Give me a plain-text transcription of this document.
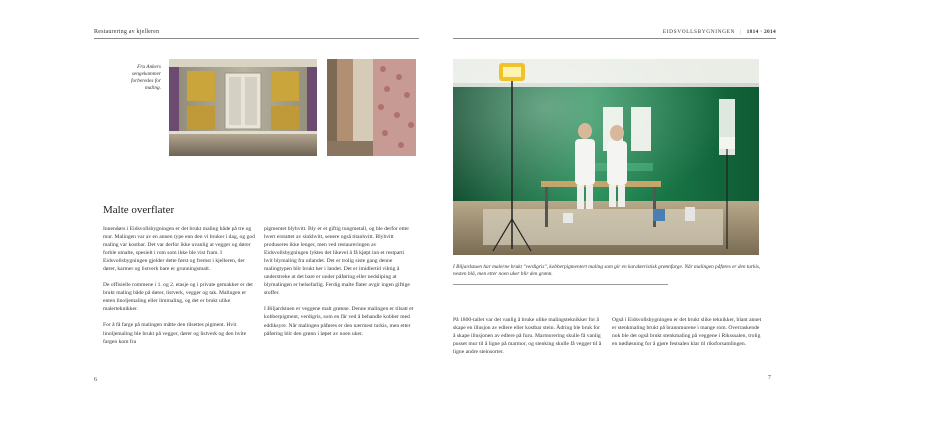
Restaurering av kjelleren
Fru Ankers sengekammer forberedes for maling.
Malte overflater

Innendørs i Eidsvollsbygningen er det brukt maling både på tre og mur. Malingen var av en annen type enn den vi bruker i dag, og god maling var kostbar. Det var derfor ikke uvanlig at vegger og dører forble umalte, spesielt i rom som ikke ble vist fram. I Eidsvollsbygningen gjelder dette først og fremst i kjelleren, der dører, karmer og listverk bare er grunningsmalt.

De offisielle rommene i 1. og 2. etasje og i private gemakker er det brukt maling både på dører, listverk, vegger og tak. Malingen er enten linoljemaling eller limmaling, og det er brukt ulike malerteknikker.

For å få farge på malingen måtte den tilsettes pigment. Hvit linoljemaling ble brukt på vegger, dører og listverk og den hvite fargen kom fra

pigmentet blyhvitt. Bly er et giftig tungmetall, og ble derfor etter hvert erstattet av sinkhvitt, senere også titanhvitt. Blyhvitt produseres ikke lenger, men ved restaureringen av Eidsvollsbygningen lyktes det likevel å få kjøpt inn et restparti hvit blymaling fra utlandet. Det er trolig siste gang denne malingtypen blir brukt her i landet. Det er imidlertid viktig å understreke at det bare er under påføring eller nedsliping at blymalingen er helsefarlig. Ferdig malte flater avgir ingen giftige stoffer.

I Biljardstuen er veggene malt grønne. Denne malingen er tilsatt et kobberpigment, verdigris, som en får ved å behandle kobber med eddiksyre. Når malingen påføres er den nærmest turkis, men etter påføring blir den grønn i løpet av noen uker.

6
EIDSVOLLSBYGNINGEN | 1814 · 2014
I Biljardstuen har malerne brukt "verdigris", kobberpigmentert maling som gir en karakteristisk grønnfarge. Når malingen påføres er den turkis, nesten blå, men etter noen uker blir den grønn.

På 1800-tallet var det vanlig å bruke ulike malingsteknikker for å skape en illusjon av edlere eller kostbar stein. Ådring ble bruk for å skape illusjonen av edlere på furu. Marmorering skulle få vanlig pusset mur til å ligne på marmor, og stenking skulle få vegger til å ligne andre steinsorter.

Også i Eidsvollsbygningen er det brukt slike teknikker, blant annet er stenkmaling brukt på brannmurene i mange rom. Overraskende nok ble det også brukt stenkmaling på veggene i Riksssalen, trolig en nødløsning for å gjøre festsalen klar til riksforsamlingen.

7
